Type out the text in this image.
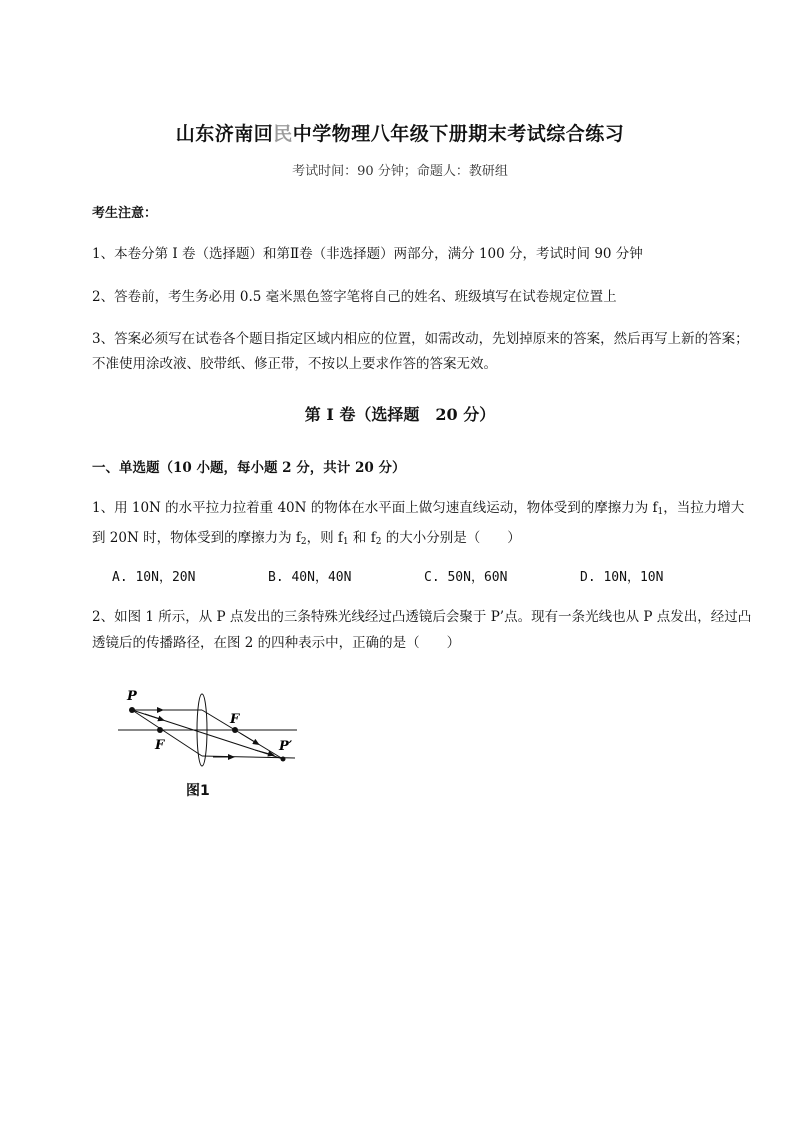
山东济南回民中学物理八年级下册期末考试综合练习
考试时间：90 分钟；命题人：教研组
考生注意：
1、本卷分第 I 卷（选择题）和第Ⅱ卷（非选择题）两部分，满分 100 分，考试时间 90 分钟
2、答卷前，考生务必用 0.5 毫米黑色签字笔将自己的姓名、班级填写在试卷规定位置上
3、答案必须写在试卷各个题目指定区域内相应的位置，如需改动，先划掉原来的答案，然后再写上新的答案；不准使用涂改液、胶带纸、修正带，不按以上要求作答的答案无效。
第 I 卷（选择题　20 分）
一、单选题（10 小题，每小题 2 分，共计 20 分）
1、用 10N 的水平拉力拉着重 40N 的物体在水平面上做匀速直线运动，物体受到的摩擦力为 $f_1$，当拉力增大到 20N 时，物体受到的摩擦力为 $f_2$，则 $f_1$ 和 $f_2$ 的大小分别是（　　）
A. 10N，20N	B. 40N，40N	C. 50N，60N	D. 10N，10N
2、如图 1 所示，从 P 点发出的三条特殊光线经过凸透镜后会聚于 P’点。现有一条光线也从 P 点发出，经过凸透镜后的传播路径，在图 2 的四种表示中，正确的是（　　）
P
F
F
P′
图1
